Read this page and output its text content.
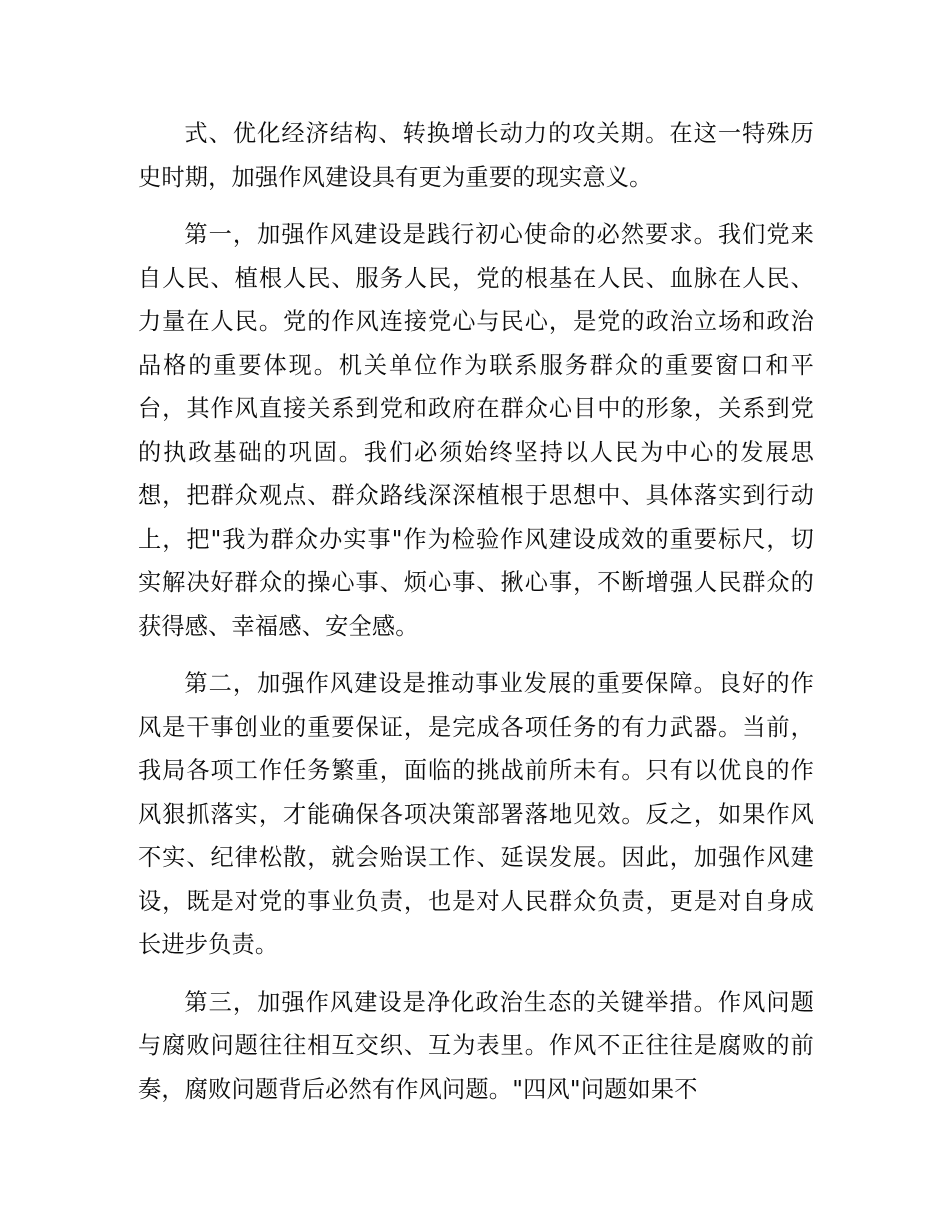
式、优化经济结构、转换增长动力的攻关期。在这一特殊历史时期，加强作风建设具有更为重要的现实意义。

第一，加强作风建设是践行初心使命的必然要求。我们党来自人民、植根人民、服务人民，党的根基在人民、血脉在人民、力量在人民。党的作风连接党心与民心，是党的政治立场和政治品格的重要体现。机关单位作为联系服务群众的重要窗口和平台，其作风直接关系到党和政府在群众心目中的形象，关系到党的执政基础的巩固。我们必须始终坚持以人民为中心的发展思想，把群众观点、群众路线深深植根于思想中、具体落实到行动上，把"我为群众办实事"作为检验作风建设成效的重要标尺，切实解决好群众的操心事、烦心事、揪心事，不断增强人民群众的获得感、幸福感、安全感。

第二，加强作风建设是推动事业发展的重要保障。良好的作风是干事创业的重要保证，是完成各项任务的有力武器。当前，我局各项工作任务繁重，面临的挑战前所未有。只有以优良的作风狠抓落实，才能确保各项决策部署落地见效。反之，如果作风不实、纪律松散，就会贻误工作、延误发展。因此，加强作风建设，既是对党的事业负责，也是对人民群众负责，更是对自身成长进步负责。

第三，加强作风建设是净化政治生态的关键举措。作风问题与腐败问题往往相互交织、互为表里。作风不正往往是腐败的前奏，腐败问题背后必然有作风问题。"四风"问题如果不
